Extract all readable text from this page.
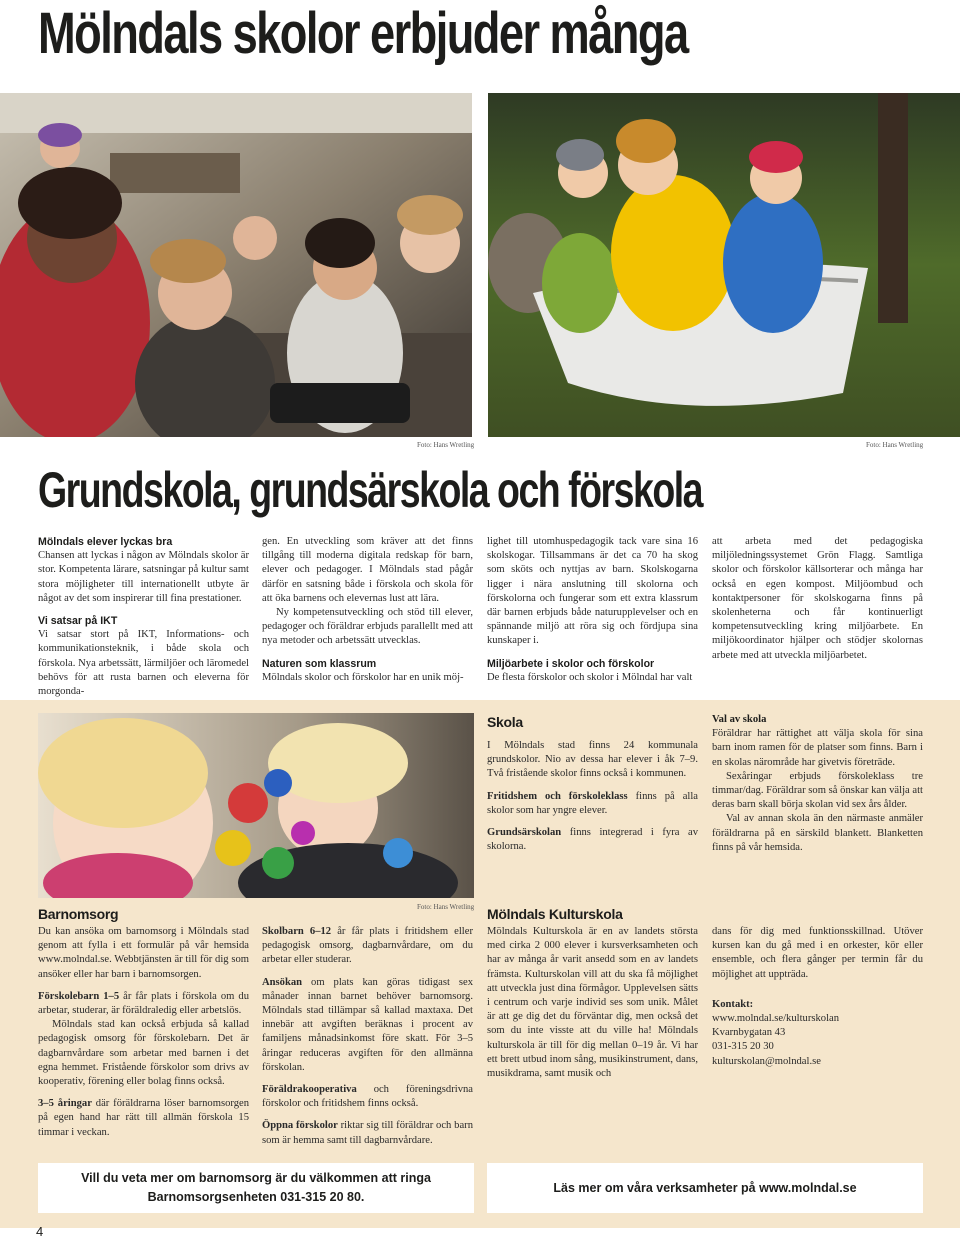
Mölndals skolor erbjuder många
Foto: Hans Wretling	Foto: Hans Wretling
Grundskola, grundsärskola och förskola
Mölndals elever lyckas bra

Chansen att lyckas i någon av Mölndals skolor är stor. Kompetenta lärare, satsningar på kultur samt stora möjligheter till internationellt utbyte är något av det som inspirerar till fina prestationer.

Vi satsar på IKT

Vi satsar stort på IKT, Informations- och kommunikationsteknik, i både skola och förskola. Nya arbetssätt, lärmiljöer och läromedel behövs för att rusta barnen och eleverna för morgonda-

gen. En utveckling som kräver att det finns tillgång till moderna digitala redskap för barn, elever och pedagoger. I Mölndals stad pågår därför en satsning både i förskola och skola för att öka barnens och elevernas lust att lära.

Ny kompetensutveckling och stöd till elever, pedagoger och föräldrar erbjuds parallellt med att nya metoder och arbetssätt utvecklas.

Naturen som klassrum

Mölndals skolor och förskolor har en unik möj-

lighet till utomhuspedagogik tack vare sina 16 skolskogar. Tillsammans är det ca 70 ha skog som sköts och nyttjas av barn. Skolskogarna ligger i nära anslutning till skolorna och förskolorna och fungerar som ett extra klassrum där barnen erbjuds både naturupplevelser och en spännande miljö att röra sig och fördjupa sina kunskaper i.

Miljöarbete i skolor och förskolor

De flesta förskolor och skolor i Mölndal har valt

att arbeta med det pedagogiska miljöledningssystemet Grön Flagg. Samtliga skolor och förskolor källsorterar och många har också en egen kompost. Miljöombud och kontaktpersoner för skolskogarna finns på skolenheterna och får kontinuerligt kompetensutveckling kring miljöarbete. En miljökoordinator hjälper och stödjer skolornas arbete med att utveckla miljöarbetet.

Foto: Hans Wretling
Skola

I Mölndals stad finns 24 kommunala grundskolor. Nio av dessa har elever i åk 7–9. Två fristående skolor finns också i kommunen.

Fritidshem och förskoleklass finns på alla skolor som har yngre elever.

Grundsärskolan finns integrerad i fyra av skolorna.

Val av skola

Föräldrar har rättighet att välja skola för sina barn inom ramen för de platser som finns. Barn i en skolas närområde har givetvis företräde.

Sexåringar erbjuds förskoleklass tre timmar/dag. Föräldrar som så önskar kan välja att deras barn skall börja skolan vid sex års ålder.

Val av annan skola än den närmaste anmäler föräldrarna på en särskild blankett. Blanketten finns på vår hemsida.

Barnomsorg

Du kan ansöka om barnomsorg i Mölndals stad genom att fylla i ett formulär på vår hemsida www.molndal.se. Webbtjänsten är till för dig som ansöker eller har barn i barnomsorgen.

Förskolebarn 1–5 år får plats i förskola om du arbetar, studerar, är föräldraledig eller arbetslös.

Mölndals stad kan också erbjuda så kallad pedagogisk omsorg för förskolebarn. Det är dagbarnvårdare som arbetar med barnen i det egna hemmet. Fristående förskolor som drivs av kooperativ, förening eller bolag finns också.

3–5 åringar där föräldrarna löser barnomsorgen på egen hand har rätt till allmän förskola 15 timmar i veckan.

Skolbarn 6–12 år får plats i fritidshem eller pedagogisk omsorg, dagbarnvårdare, om du arbetar eller studerar.

Ansökan om plats kan göras tidigast sex månader innan barnet behöver barnomsorg. Mölndals stad tillämpar så kallad maxtaxa. Det innebär att avgiften beräknas i procent av familjens månadsinkomst före skatt. För 3–5 åringar reduceras avgiften för den allmänna förskolan.

Föräldrakooperativa och föreningsdrivna förskolor och fritidshem finns också.

Öppna förskolor riktar sig till föräldrar och barn som är hemma samt till dagbarnvårdare.

Mölndals Kulturskola

Mölndals Kulturskola är en av landets största med cirka 2 000 elever i kursverksamheten och har av många år varit ansedd som en av landets främsta. Kulturskolan vill att du ska få möjlighet att utveckla just dina förmågor. Upplevelsen sätts i centrum och varje individ ses som unik. Målet är att ge dig det du förväntar dig, men också det som du inte visste att du ville ha! Mölndals kulturskola är till för dig mellan 0–19 år. Vi har ett brett utbud inom sång, musikinstrument, dans, musikdrama, samt musik och

dans för dig med funktionsskillnad. Utöver kursen kan du gå med i en orkester, kör eller ensemble, och flera gånger per termin får du möjlighet att uppträda.

Kontakt:
www.molndal.se/kulturskolan
Kvarnbygatan 43
031-315 20 30
kulturskolan@molndal.se
Vill du veta mer om barnomsorg är du välkommen att ringa
Barnomsorgsenheten 031-315 20 80.
Läs mer om våra verksamheter på www.molndal.se
4
